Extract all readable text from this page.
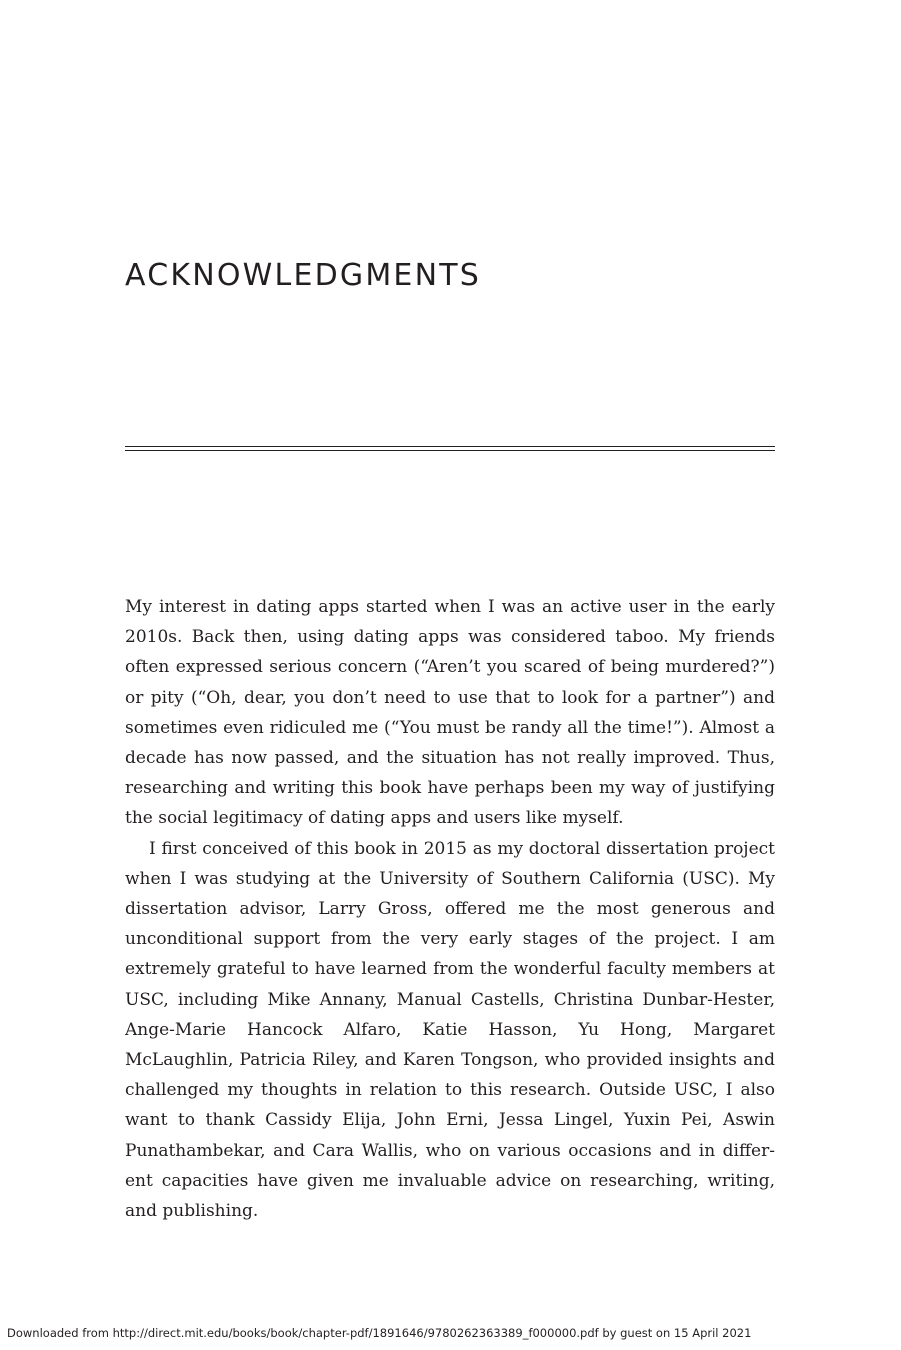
ACKNOWLEDGMENTS

My interest in dating apps started when I was an active user in the early 2010s. Back then, using dating apps was considered taboo. My friends often expressed serious concern (“Aren’t you scared of being murdered?”) or pity (“Oh, dear, you don’t need to use that to look for a partner”) and sometimes even ridiculed me (“You must be randy all the time!”). Almost a decade has now passed, and the situation has not really improved. Thus, researching and writing this book have perhaps been my way of justifying the social legitimacy of dating apps and users like myself.

I first conceived of this book in 2015 as my doctoral dissertation project when I was studying at the University of Southern California (USC). My dissertation advisor, Larry Gross, offered me the most generous and unconditional support from the very early stages of the project. I am extremely grateful to have learned from the wonderful faculty members at USC, including Mike Annany, Manual Castells, Christina Dunbar-Hester, Ange-Marie Hancock Alfaro, Katie Hasson, Yu Hong, Margaret McLaughlin, Patricia Riley, and Karen Tongson, who provided insights and challenged my thoughts in relation to this research. Outside USC, I also want to thank Cassidy Elija, John Erni, Jessa Lingel, Yuxin Pei, Aswin Punathambekar, and Cara Wallis, who on various occasions and in different capacities have given me invaluable advice on researching, writing, and publishing.

Downloaded from http://direct.mit.edu/books/book/chapter-pdf/1891646/9780262363389_f000000.pdf by guest on 15 April 2021
